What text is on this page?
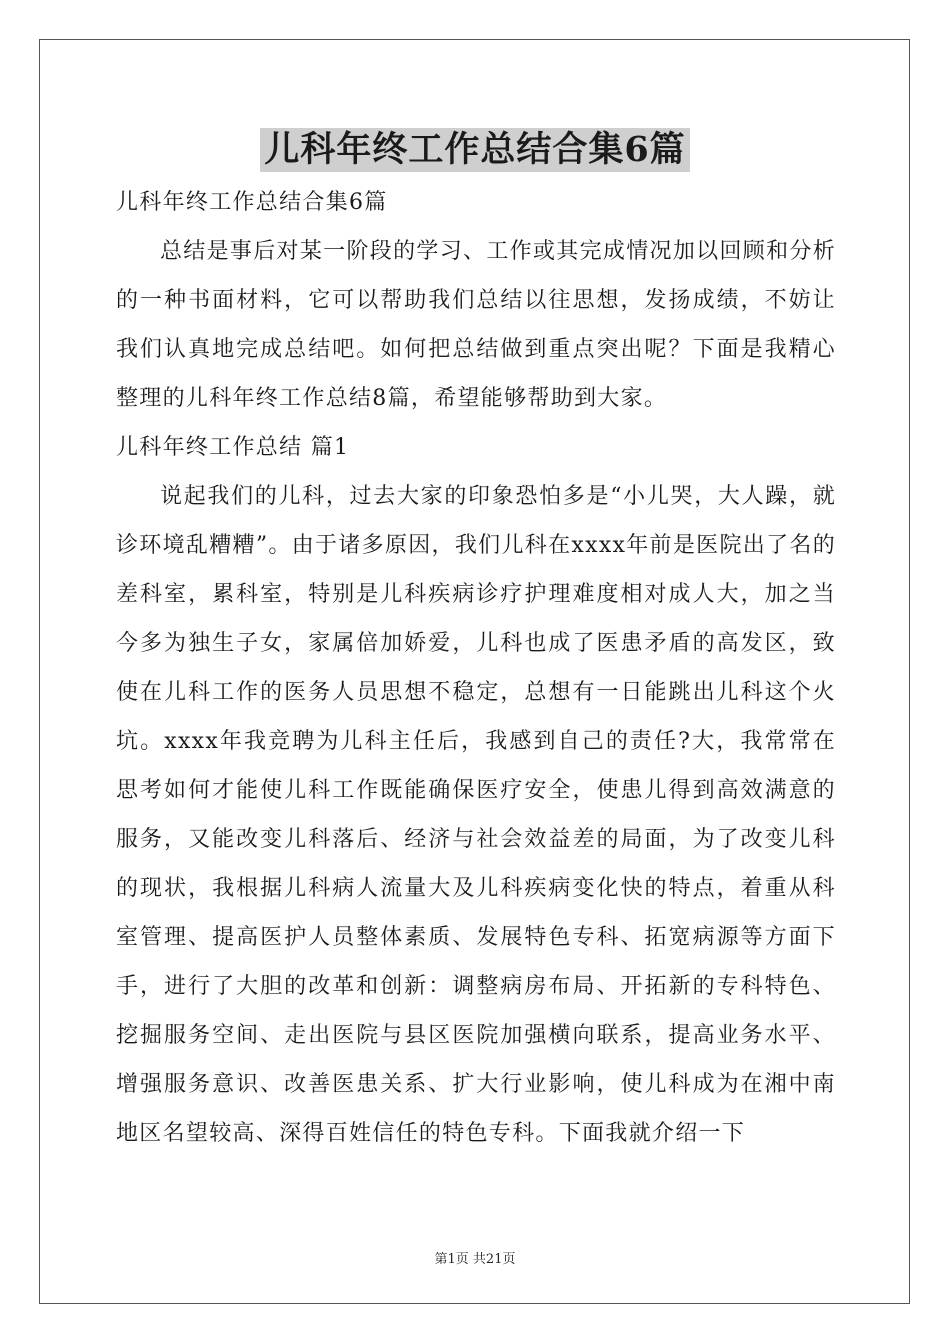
儿科年终工作总结合集6篇
儿科年终工作总结合集6篇
总结是事后对某一阶段的学习、工作或其完成情况加以回顾和分析的一种书面材料，它可以帮助我们总结以往思想，发扬成绩，不妨让我们认真地完成总结吧。如何把总结做到重点突出呢？下面是我精心整理的儿科年终工作总结8篇，希望能够帮助到大家。
儿科年终工作总结 篇1
说起我们的儿科，过去大家的印象恐怕多是“小儿哭，大人躁，就诊环境乱糟糟”。由于诸多原因，我们儿科在xxxx年前是医院出了名的差科室，累科室，特别是儿科疾病诊疗护理难度相对成人大，加之当今多为独生子女，家属倍加娇爱，儿科也成了医患矛盾的高发区，致使在儿科工作的医务人员思想不稳定，总想有一日能跳出儿科这个火坑。xxxx年我竞聘为儿科主任后，我感到自己的责任?大，我常常在思考如何才能使儿科工作既能确保医疗安全，使患儿得到高效满意的服务，又能改变儿科落后、经济与社会效益差的局面，为了改变儿科的现状，我根据儿科病人流量大及儿科疾病变化快的特点，着重从科室管理、提高医护人员整体素质、发展特色专科、拓宽病源等方面下手，进行了大胆的改革和创新：调整病房布局、开拓新的专科特色、挖掘服务空间、走出医院与县区医院加强横向联系，提高业务水平、增强服务意识、改善医患关系、扩大行业影响，使儿科成为在湘中南地区名望较高、深得百姓信任的特色专科。下面我就介绍一下
第1页 共21页
